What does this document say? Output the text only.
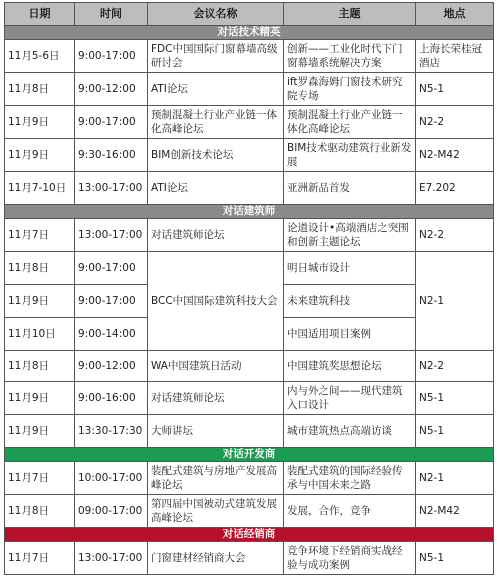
日期	时间	会议名称	主题	地点
对话技术精英				
11月5-6日	9:00-17:00	FDC中国国际门窗幕墙高级研讨会	创新——工业化时代下门窗幕墙系统解决方案	上海长荣桂冠酒店
11月8日	9:00-12:00	ATI论坛	ift罗森海姆门窗技术研究院专场	N5-1
11月9日	9:00-17:00	预制混凝土行业产业链一体化高峰论坛	预制混凝土行业产业链一体化高峰论坛	N2-2
11月9日	9:30-16:00	BIM创新技术论坛	BIM技术驱动建筑行业新发展	N2-M42
11月7-10日	13:00-17:00	ATI论坛	亚洲新品首发	E7.202
对话建筑师				
11月7日	13:00-17:00	对话建筑师论坛	论道设计•高端酒店之突围和创新主题论坛	N2-2
11月8日	9:00-17:00	BCC中国国际建筑科技大会	明日城市设计	N2-1
11月9日	9:00-17:00		未来建筑科技	
11月10日	9:00-14:00		中国适用项目案例	
11月8日	9:00-12:00	WA中国建筑日活动	中国建筑奖思想论坛	N2-2
11月9日	9:00-16:00	对话建筑师论坛	内与外之间——现代建筑入口设计	N5-1
11月9日	13:30-17:30	大师讲坛	城市建筑热点高端访谈	N5-1
对话开发商				
11月7日	10:00-17:00	装配式建筑与房地产发展高峰论坛	装配式建筑的国际经验传承与中国未来之路	N2-1
11月8日	09:00-17:00	第四届中国被动式建筑发展高峰论坛	发展，合作，竞争	N2-M42
对话经销商				
11月7日	13:00-17:00	门窗建材经销商大会	竞争环境下经销商实战经验与成功案例	N5-1
